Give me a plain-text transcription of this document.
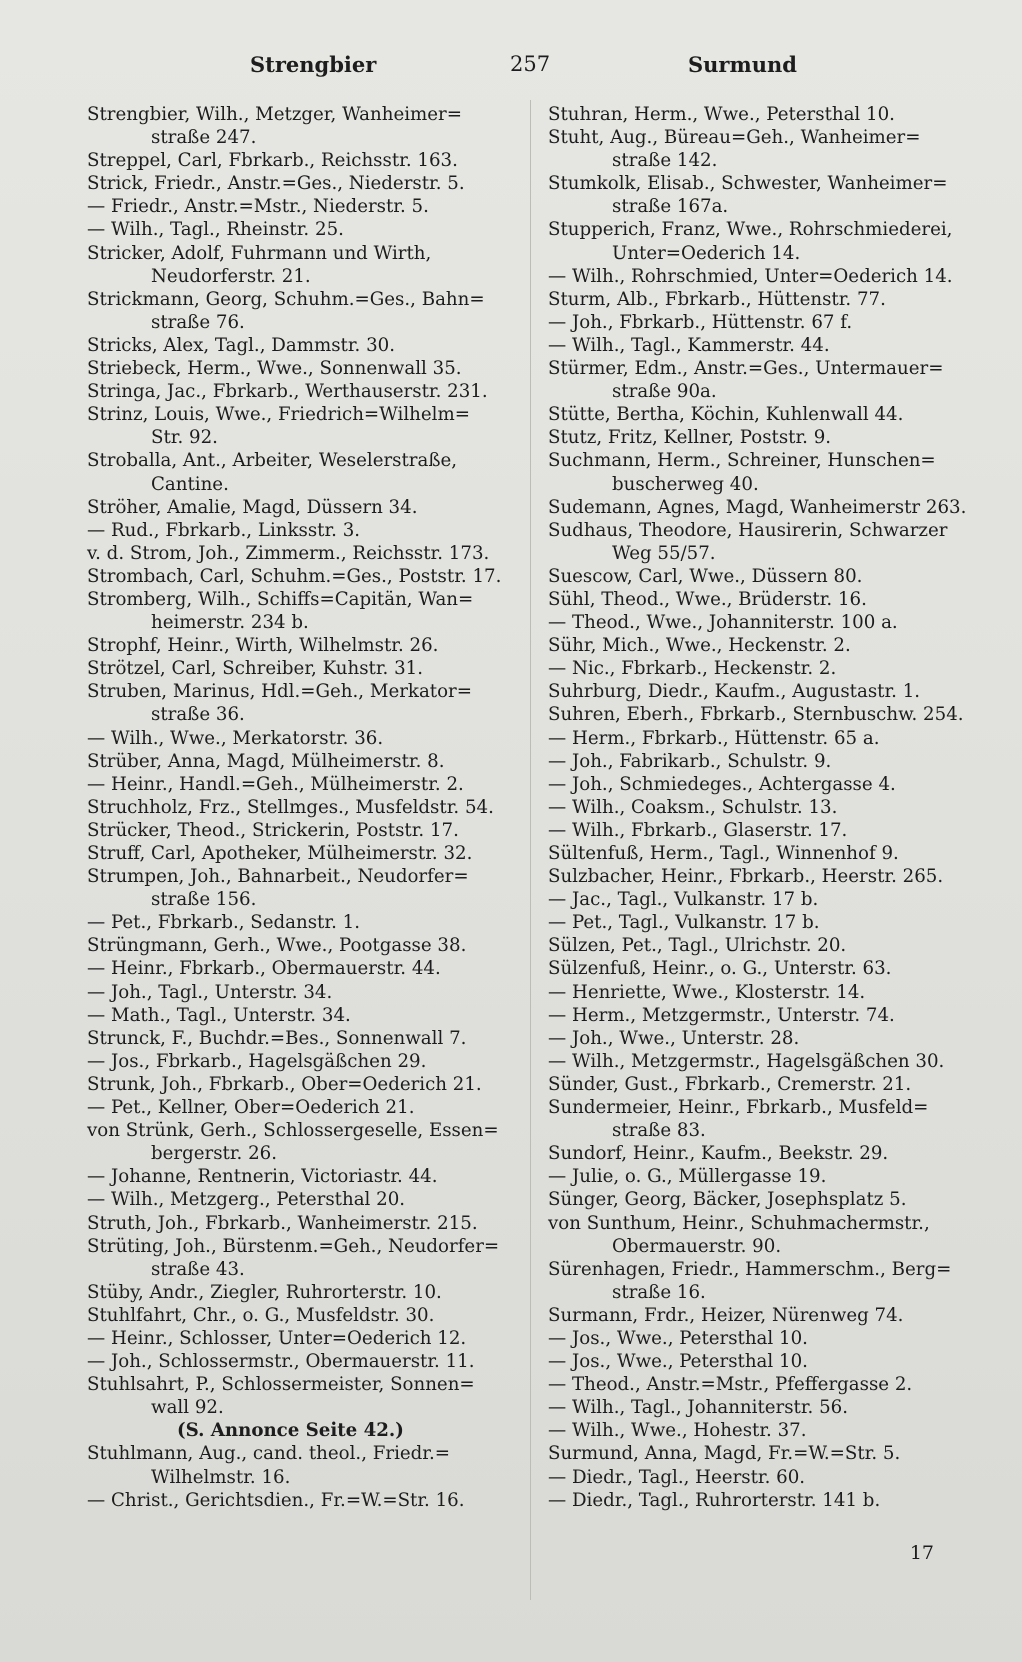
Strengbier	257	Surmund
Strengbier, Wilh., Metzger, Wanheimer=
straße 247.
Streppel, Carl, Fbrkarb., Reichsstr. 163.
Strick, Friedr., Anstr.=Ges., Niederstr. 5.
— Friedr., Anstr.=Mstr., Niederstr. 5.
— Wilh., Tagl., Rheinstr. 25.
Stricker, Adolf, Fuhrmann und Wirth,
Neudorferstr. 21.
Strickmann, Georg, Schuhm.=Ges., Bahn=
straße 76.
Stricks, Alex, Tagl., Dammstr. 30.
Striebeck, Herm., Wwe., Sonnenwall 35.
Stringa, Jac., Fbrkarb., Werthauserstr. 231.
Strinz, Louis, Wwe., Friedrich=Wilhelm=
Str. 92.
Stroballa, Ant., Arbeiter, Weselerstraße,
Cantine.
Ströher, Amalie, Magd, Düssern 34.
— Rud., Fbrkarb., Linksstr. 3.
v. d. Strom, Joh., Zimmerm., Reichsstr. 173.
Strombach, Carl, Schuhm.=Ges., Poststr. 17.
Stromberg, Wilh., Schiffs=Capitän, Wan=
heimerstr. 234 b.
Strophf, Heinr., Wirth, Wilhelmstr. 26.
Strötzel, Carl, Schreiber, Kuhstr. 31.
Struben, Marinus, Hdl.=Geh., Merkator=
straße 36.
— Wilh., Wwe., Merkatorstr. 36.
Strüber, Anna, Magd, Mülheimerstr. 8.
— Heinr., Handl.=Geh., Mülheimerstr. 2.
Struchholz, Frz., Stellmges., Musfeldstr. 54.
Strücker, Theod., Strickerin, Poststr. 17.
Struff, Carl, Apotheker, Mülheimerstr. 32.
Strumpen, Joh., Bahnarbeit., Neudorfer=
straße 156.
— Pet., Fbrkarb., Sedanstr. 1.
Strüngmann, Gerh., Wwe., Pootgasse 38.
— Heinr., Fbrkarb., Obermauerstr. 44.
— Joh., Tagl., Unterstr. 34.
— Math., Tagl., Unterstr. 34.
Strunck, F., Buchdr.=Bes., Sonnenwall 7.
— Jos., Fbrkarb., Hagelsgäßchen 29.
Strunk, Joh., Fbrkarb., Ober=Oederich 21.
— Pet., Kellner, Ober=Oederich 21.
von Strünk, Gerh., Schlossergeselle, Essen=
bergerstr. 26.
— Johanne, Rentnerin, Victoriastr. 44.
— Wilh., Metzgerg., Petersthal 20.
Struth, Joh., Fbrkarb., Wanheimerstr. 215.
Strüting, Joh., Bürstenm.=Geh., Neudorfer=
straße 43.
Stüby, Andr., Ziegler, Ruhrorterstr. 10.
Stuhlfahrt, Chr., o. G., Musfeldstr. 30.
— Heinr., Schlosser, Unter=Oederich 12.
— Joh., Schlossermstr., Obermauerstr. 11.
Stuhlsahrt, P., Schlossermeister, Sonnen=
wall 92.
(S. Annonce Seite 42.)
Stuhlmann, Aug., cand. theol., Friedr.=
Wilhelmstr. 16.
— Christ., Gerichtsdien., Fr.=W.=Str. 16.
Stuhran, Herm., Wwe., Petersthal 10.
Stuht, Aug., Büreau=Geh., Wanheimer=
straße 142.
Stumkolk, Elisab., Schwester, Wanheimer=
straße 167a.
Stupperich, Franz, Wwe., Rohrschmiederei,
Unter=Oederich 14.
— Wilh., Rohrschmied, Unter=Oederich 14.
Sturm, Alb., Fbrkarb., Hüttenstr. 77.
— Joh., Fbrkarb., Hüttenstr. 67 f.
— Wilh., Tagl., Kammerstr. 44.
Stürmer, Edm., Anstr.=Ges., Untermauer=
straße 90a.
Stütte, Bertha, Köchin, Kuhlenwall 44.
Stutz, Fritz, Kellner, Poststr. 9.
Suchmann, Herm., Schreiner, Hunschen=
buscherweg 40.
Sudemann, Agnes, Magd, Wanheimerstr 263.
Sudhaus, Theodore, Hausirerin, Schwarzer
Weg 55/57.
Suescow, Carl, Wwe., Düssern 80.
Sühl, Theod., Wwe., Brüderstr. 16.
— Theod., Wwe., Johanniterstr. 100 a.
Sühr, Mich., Wwe., Heckenstr. 2.
— Nic., Fbrkarb., Heckenstr. 2.
Suhrburg, Diedr., Kaufm., Augustastr. 1.
Suhren, Eberh., Fbrkarb., Sternbuschw. 254.
— Herm., Fbrkarb., Hüttenstr. 65 a.
— Joh., Fabrikarb., Schulstr. 9.
— Joh., Schmiedeges., Achtergasse 4.
— Wilh., Coaksm., Schulstr. 13.
— Wilh., Fbrkarb., Glaserstr. 17.
Sültenfuß, Herm., Tagl., Winnenhof 9.
Sulzbacher, Heinr., Fbrkarb., Heerstr. 265.
— Jac., Tagl., Vulkanstr. 17 b.
— Pet., Tagl., Vulkanstr. 17 b.
Sülzen, Pet., Tagl., Ulrichstr. 20.
Sülzenfuß, Heinr., o. G., Unterstr. 63.
— Henriette, Wwe., Klosterstr. 14.
— Herm., Metzgermstr., Unterstr. 74.
— Joh., Wwe., Unterstr. 28.
— Wilh., Metzgermstr., Hagelsgäßchen 30.
Sünder, Gust., Fbrkarb., Cremerstr. 21.
Sundermeier, Heinr., Fbrkarb., Musfeld=
straße 83.
Sundorf, Heinr., Kaufm., Beekstr. 29.
— Julie, o. G., Müllergasse 19.
Sünger, Georg, Bäcker, Josephsplatz 5.
von Sunthum, Heinr., Schuhmachermstr.,
Obermauerstr. 90.
Sürenhagen, Friedr., Hammerschm., Berg=
straße 16.
Surmann, Frdr., Heizer, Nürenweg 74.
— Jos., Wwe., Petersthal 10.
— Jos., Wwe., Petersthal 10.
— Theod., Anstr.=Mstr., Pfeffergasse 2.
— Wilh., Tagl., Johanniterstr. 56.
— Wilh., Wwe., Hohestr. 37.
Surmund, Anna, Magd, Fr.=W.=Str. 5.
— Diedr., Tagl., Heerstr. 60.
— Diedr., Tagl., Ruhrorterstr. 141 b.
17
